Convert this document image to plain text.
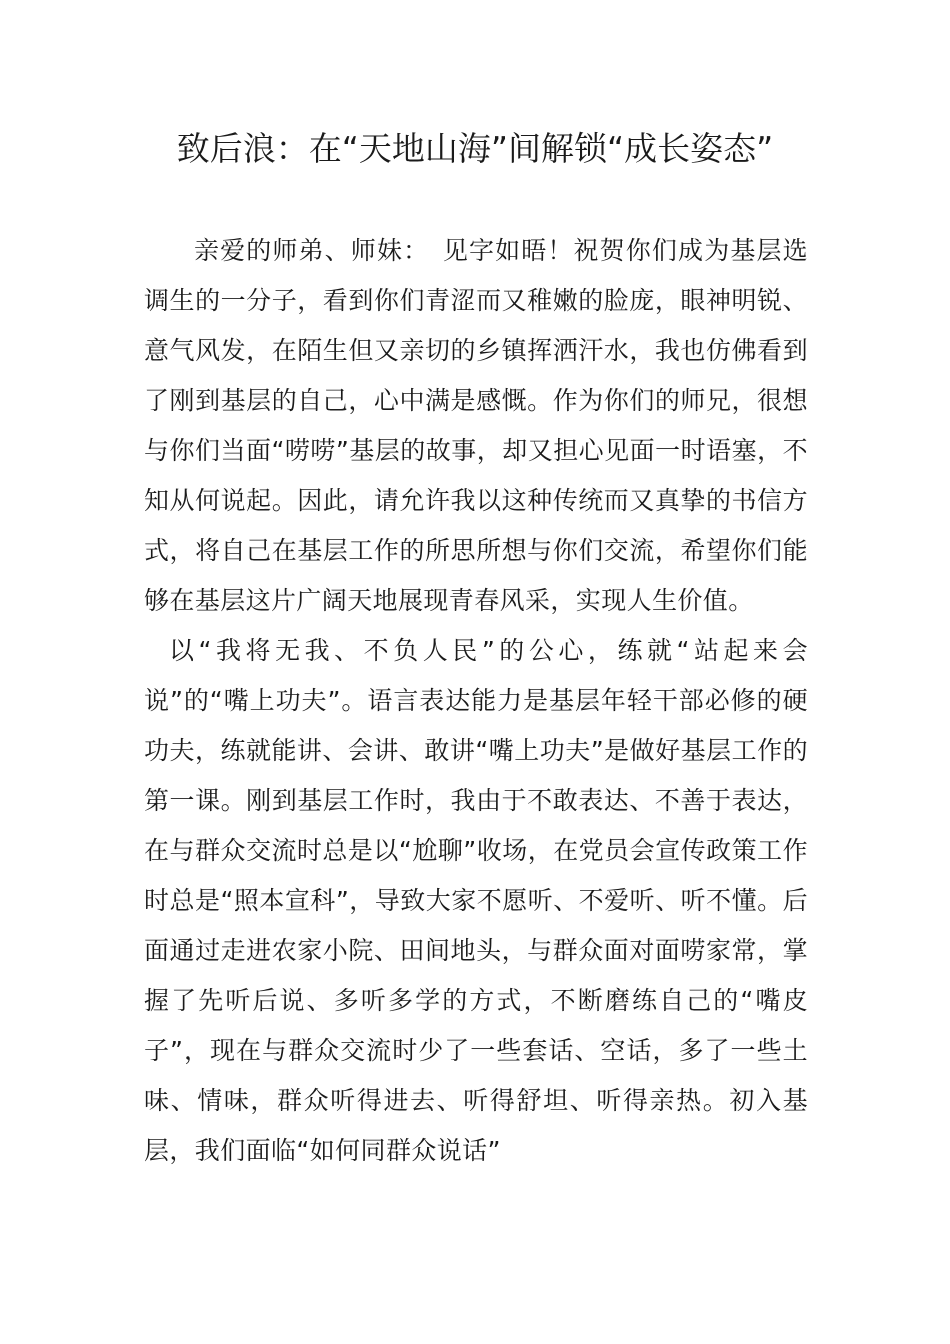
致后浪：在“天地山海”间解锁“成长姿态”

亲爱的师弟、师妹：　见字如晤！祝贺你们成为基层选调生的一分子，看到你们青涩而又稚嫩的脸庞，眼神明锐、意气风发，在陌生但又亲切的乡镇挥洒汗水，我也仿佛看到了刚到基层的自己，心中满是感慨。作为你们的师兄，很想与你们当面“唠唠”基层的故事，却又担心见面一时语塞，不知从何说起。因此，请允许我以这种传统而又真挚的书信方式，将自己在基层工作的所思所想与你们交流，希望你们能够在基层这片广阔天地展现青春风采，实现人生价值。

以“我将无我、不负人民”的公心，练就“站起来会说”的“嘴上功夫”。语言表达能力是基层年轻干部必修的硬功夫，练就能讲、会讲、敢讲“嘴上功夫”是做好基层工作的第一课。刚到基层工作时，我由于不敢表达、不善于表达，在与群众交流时总是以“尬聊”收场，在党员会宣传政策工作时总是“照本宣科”，导致大家不愿听、不爱听、听不懂。后面通过走进农家小院、田间地头，与群众面对面唠家常，掌握了先听后说、多听多学的方式，不断磨练自己的“嘴皮子”，现在与群众交流时少了一些套话、空话，多了一些土味、情味，群众听得进去、听得舒坦、听得亲热。初入基层，我们面临“如何同群众说话”
